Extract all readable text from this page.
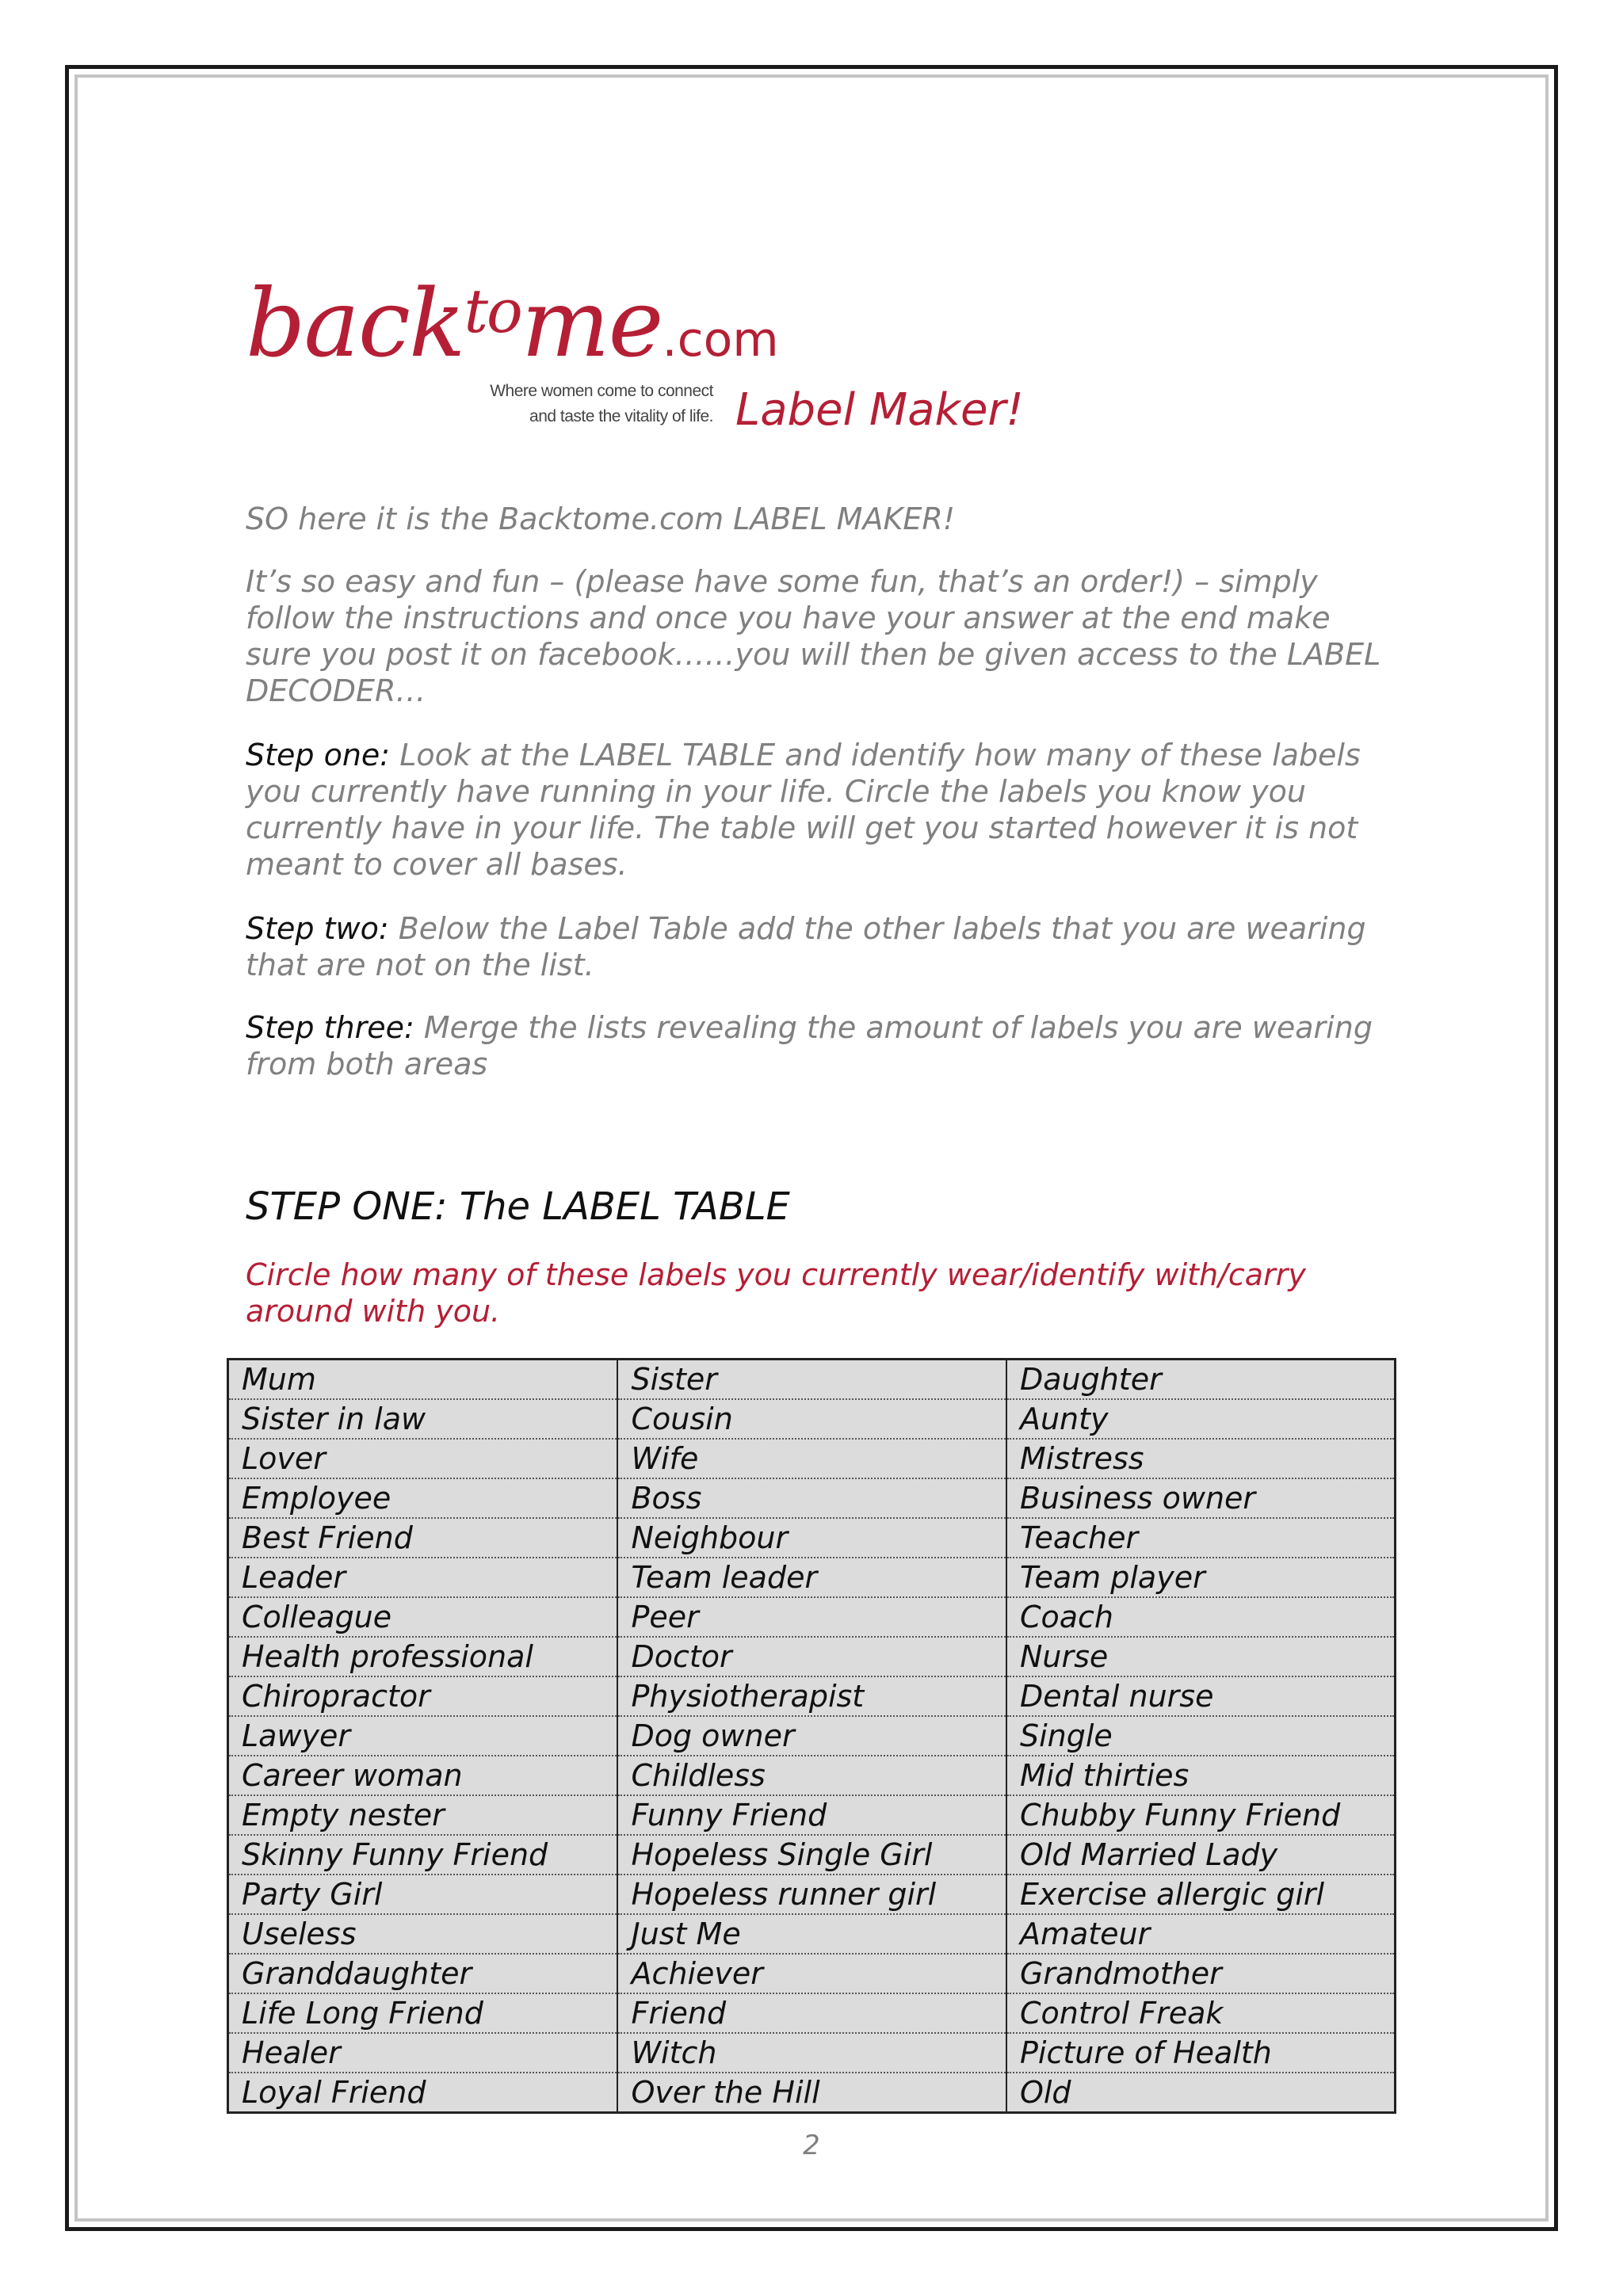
back$^{to}$me.com
Where women come to connect
and taste the vitality of life. Label Maker!

SO here it is the Backtome.com LABEL MAKER!

It’s so easy and fun – (please have some fun, that’s an order!) – simply follow the instructions and once you have your answer at the end make sure you post it on facebook……you will then be given access to the LABEL DECODER…

Step one: Look at the LABEL TABLE and identify how many of these labels you currently have running in your life. Circle the labels you know you currently have in your life. The table will get you started however it is not meant to cover all bases.

Step two: Below the Label Table add the other labels that you are wearing that are not on the list.

Step three: Merge the lists revealing the amount of labels you are wearing from both areas

STEP ONE: The LABEL TABLE

Circle how many of these labels you currently wear/identify with/carry around with you.

Mum	Sister	Daughter
Sister in law	Cousin	Aunty
Lover	Wife	Mistress
Employee	Boss	Business owner
Best Friend	Neighbour	Teacher
Leader	Team leader	Team player
Colleague	Peer	Coach
Health professional	Doctor	Nurse
Chiropractor	Physiotherapist	Dental nurse
Lawyer	Dog owner	Single
Career woman	Childless	Mid thirties
Empty nester	Funny Friend	Chubby Funny Friend
Skinny Funny Friend	Hopeless Single Girl	Old Married Lady
Party Girl	Hopeless runner girl	Exercise allergic girl
Useless	Just Me	Amateur
Granddaughter	Achiever	Grandmother
Life Long Friend	Friend	Control Freak
Healer	Witch	Picture of Health
Loyal Friend	Over the Hill	Old

2
